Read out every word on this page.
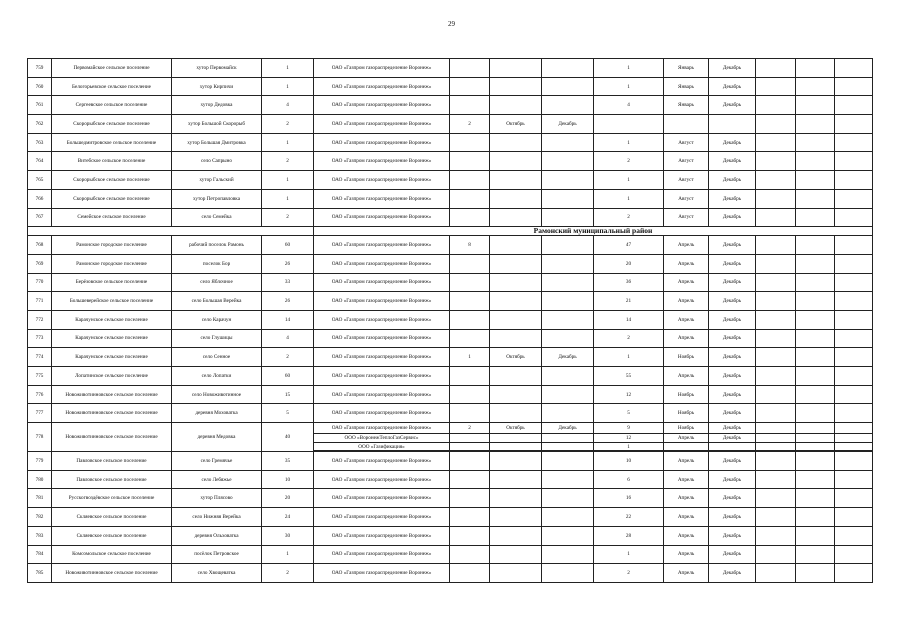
29
759	Первомайское сельское поселение	хутор Первомайск	1	ОАО «Газпром газораспределение Воронеж»				1	Январь	Декабрь			
760	Белогорьевское сельское поселение	хутор Кирпичи	1	ОАО «Газпром газораспределение Воронеж»				1	Январь	Декабрь			
761	Сергеевское сельское поселение	хутор Дедовка	4	ОАО «Газпром газораспределение Воронеж»				4	Январь	Декабрь			
762	Скорорыбское сельское поселение	хутор Большой Скорорыб	2	ОАО «Газпром газораспределение Воронеж»	2	Октябрь	Декабрь						
763	Большедмитровское сельское поселение	хутор Большая Дмитровка	1	ОАО «Газпром газораспределение Воронеж»				1	Август	Декабрь			
764	Витебское сельское поселение	село Сапрыно	2	ОАО «Газпром газораспределение Воронеж»				2	Август	Декабрь			
765	Скорорыбское сельское поселение	хутор Гальский	1	ОАО «Газпром газораспределение Воронеж»				1	Август	Декабрь			
766	Скорорыбское сельское поселение	хутор Петропавловка	1	ОАО «Газпром газораспределение Воронеж»				1	Август	Декабрь			
767	Семейское сельское поселение	село Семейка	2	ОАО «Газпром газораспределение Воронеж»				2	Август	Декабрь			
				Рамонский муниципальный район									
768	Рамонское городское поселение	рабочий поселок Рамонь	60	ОАО «Газпром газораспределение Воронеж»	8			47	Апрель	Декабрь			
769	Рамонское городское поселение	поселок Бор	26	ОАО «Газпром газораспределение Воронеж»				20	Апрель	Декабрь			
770	Берёзовское сельское поселение	село Яблочное	33	ОАО «Газпром газораспределение Воронеж»				36	Апрель	Декабрь			
771	Большеверейское сельское поселение	село Большая Верейка	26	ОАО «Газпром газораспределение Воронеж»				21	Апрель	Декабрь			
772	Карачунское сельское поселение	село Карачун	14	ОАО «Газпром газораспределение Воронеж»				14	Апрель	Декабрь			
773	Карачунское сельское поселение	село Глушицы	4	ОАО «Газпром газораспределение Воронеж»				2	Апрель	Декабрь			
774	Карачунское сельское поселение	село Сенное	2	ОАО «Газпром газораспределение Воронеж»	1	Октябрь	Декабрь	1	Ноябрь	Декабрь			
775	Лопатинское сельское поселение	село Лопатки	60	ОАО «Газпром газораспределение Воронеж»				55	Апрель	Декабрь			
776	Новоживотинновское сельское поселение	село Новоживотинное	15	ОАО «Газпром газораспределение Воронеж»				12	Ноябрь	Декабрь			
777	Новоживотинновское сельское поселение	деревня Моховатка	5	ОАО «Газпром газораспределение Воронеж»				5	Ноябрь	Декабрь			
778	Новоживотинновское сельское поселение	деревня Медовка	40	ОАО «Газпром газораспределение Воронеж»	2	Октябрь	Декабрь	9	Ноябрь	Декабрь			
				ООО «ВоронежТеплоГазСервис»				12	Апрель	Декабрь			
				ООО «Газификация»				1					

779	Павловское сельское поселение	село Гремячье	35	ОАО «Газпром газораспределение Воронеж»				10	Апрель	Декабрь			
780	Павловское сельское поселение	село Лебяжье	10	ОАО «Газпром газораспределение Воронеж»				6	Апрель	Декабрь			
781	Русскогвоздёвское сельское поселение	хутор Плясово	20	ОАО «Газпром газораспределение Воронеж»				16	Апрель	Декабрь			
782	Скляевское сельское поселение	село Нижняя Верейка	24	ОАО «Газпром газораспределение Воронеж»				22	Апрель	Декабрь			
783	Скляевское сельское поселение	деревня Ольховатка	30	ОАО «Газпром газораспределение Воронеж»				28	Апрель	Декабрь			
784	Комсомольское сельское поселение	посёлок Петровское	1	ОАО «Газпром газораспределение Воронеж»				1	Апрель	Декабрь			
785	Новоживотинновское сельское поселение	село Хвощеватка	2	ОАО «Газпром газораспределение Воронеж»				2	Апрель	Декабрь			
